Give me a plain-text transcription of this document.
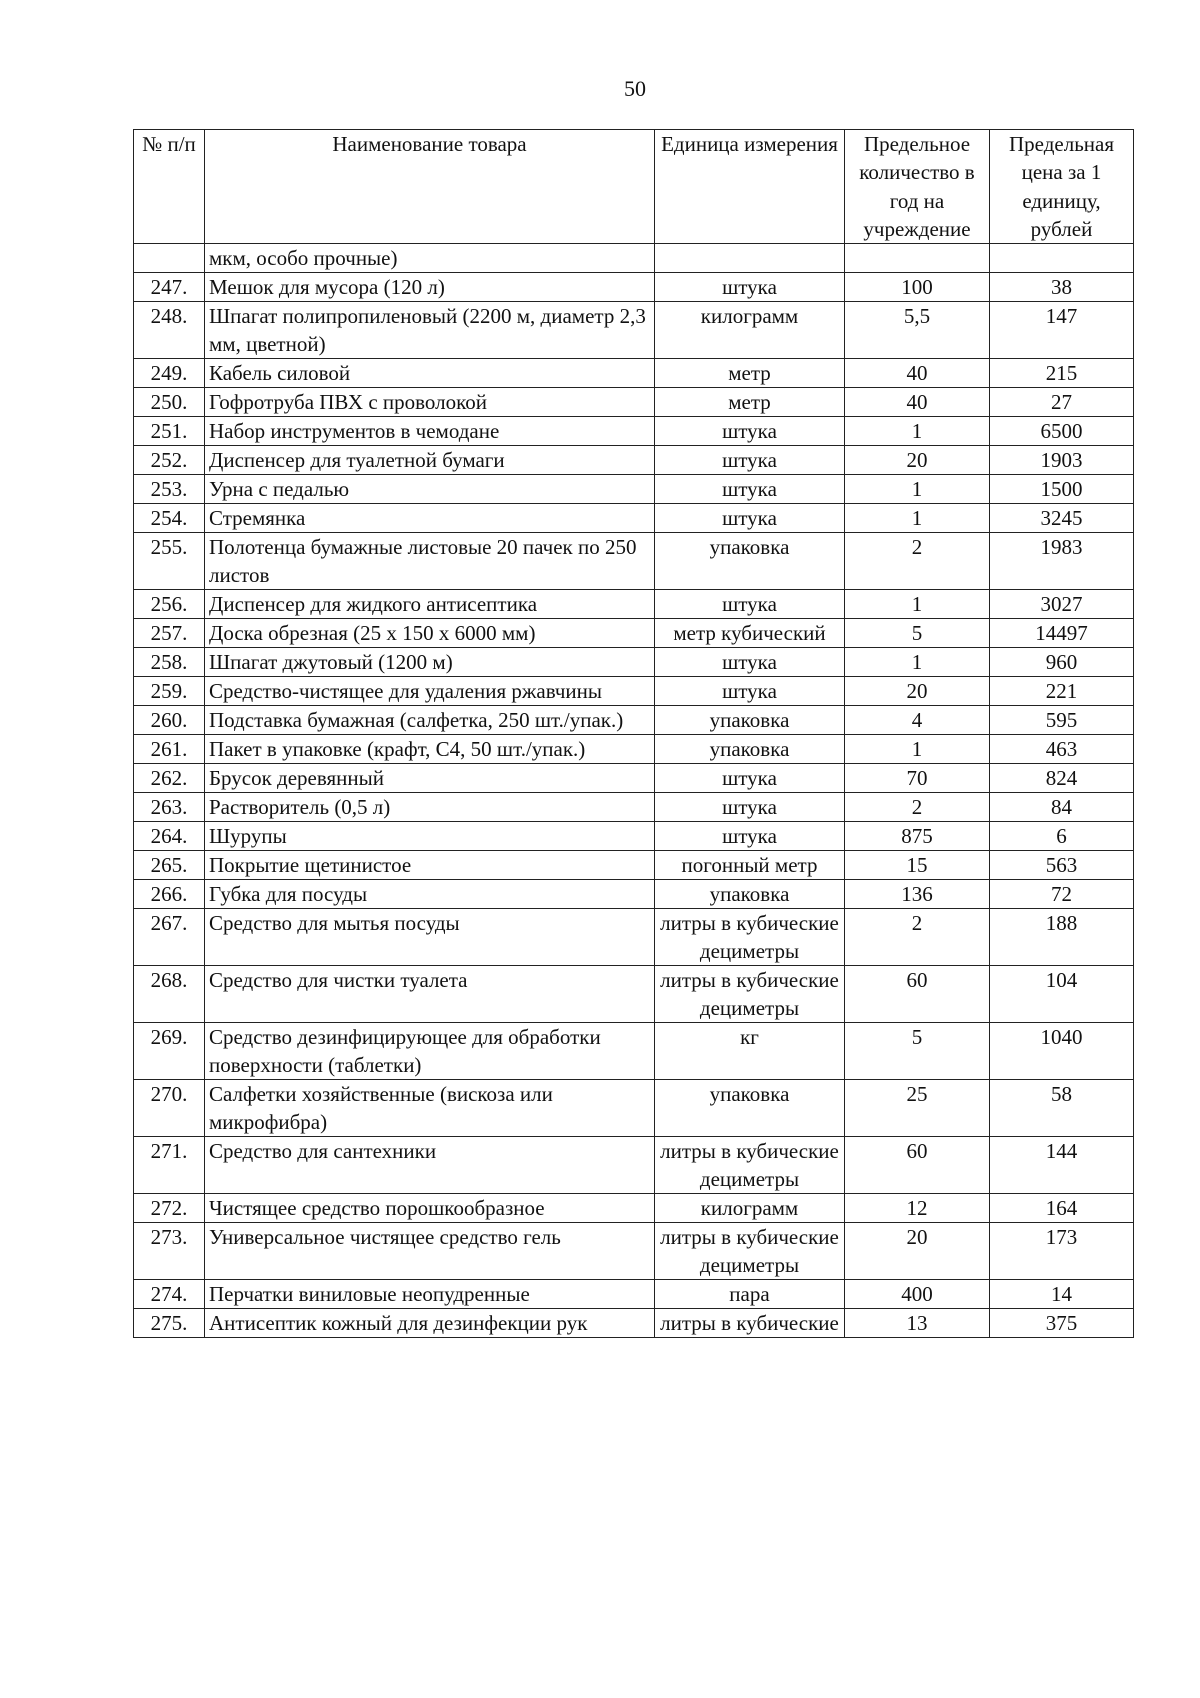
50
№ п/п	Наименование товара	Единица измерения	Предельное количество в год на учреждение	Предельная цена за 1 единицу, рублей
	мкм, особо прочные)			
247.	Мешок для мусора (120 л)	штука	100	38
248.	Шпагат полипропиленовый (2200 м, диаметр 2,3 мм, цветной)	килограмм	5,5	147
249.	Кабель силовой	метр	40	215
250.	Гофротруба ПВХ с проволокой	метр	40	27
251.	Набор инструментов в чемодане	штука	1	6500
252.	Диспенсер для туалетной бумаги	штука	20	1903
253.	Урна с педалью	штука	1	1500
254.	Стремянка	штука	1	3245
255.	Полотенца бумажные листовые 20 пачек по 250 листов	упаковка	2	1983
256.	Диспенсер для жидкого антисептика	штука	1	3027
257.	Доска обрезная (25 х 150 х 6000 мм)	метр кубический	5	14497
258.	Шпагат джутовый (1200 м)	штука	1	960
259.	Средство-чистящее для удаления ржавчины	штука	20	221
260.	Подставка бумажная (салфетка, 250 шт./упак.)	упаковка	4	595
261.	Пакет в упаковке (крафт, С4, 50 шт./упак.)	упаковка	1	463
262.	Брусок деревянный	штука	70	824
263.	Растворитель (0,5 л)	штука	2	84
264.	Шурупы	штука	875	6
265.	Покрытие щетинистое	погонный метр	15	563
266.	Губка для посуды	упаковка	136	72
267.	Средство для мытья посуды	литры в кубические дециметры	2	188
268.	Средство для чистки туалета	литры в кубические дециметры	60	104
269.	Средство дезинфицирующее для обработки поверхности (таблетки)	кг	5	1040
270.	Салфетки хозяйственные (вискоза или микрофибра)	упаковка	25	58
271.	Средство для сантехники	литры в кубические дециметры	60	144
272.	Чистящее средство порошкообразное	килограмм	12	164
273.	Универсальное чистящее средство гель	литры в кубические дециметры	20	173
274.	Перчатки виниловые неопудренные	пара	400	14
275.	Антисептик кожный для дезинфекции рук	литры в кубические	13	375
